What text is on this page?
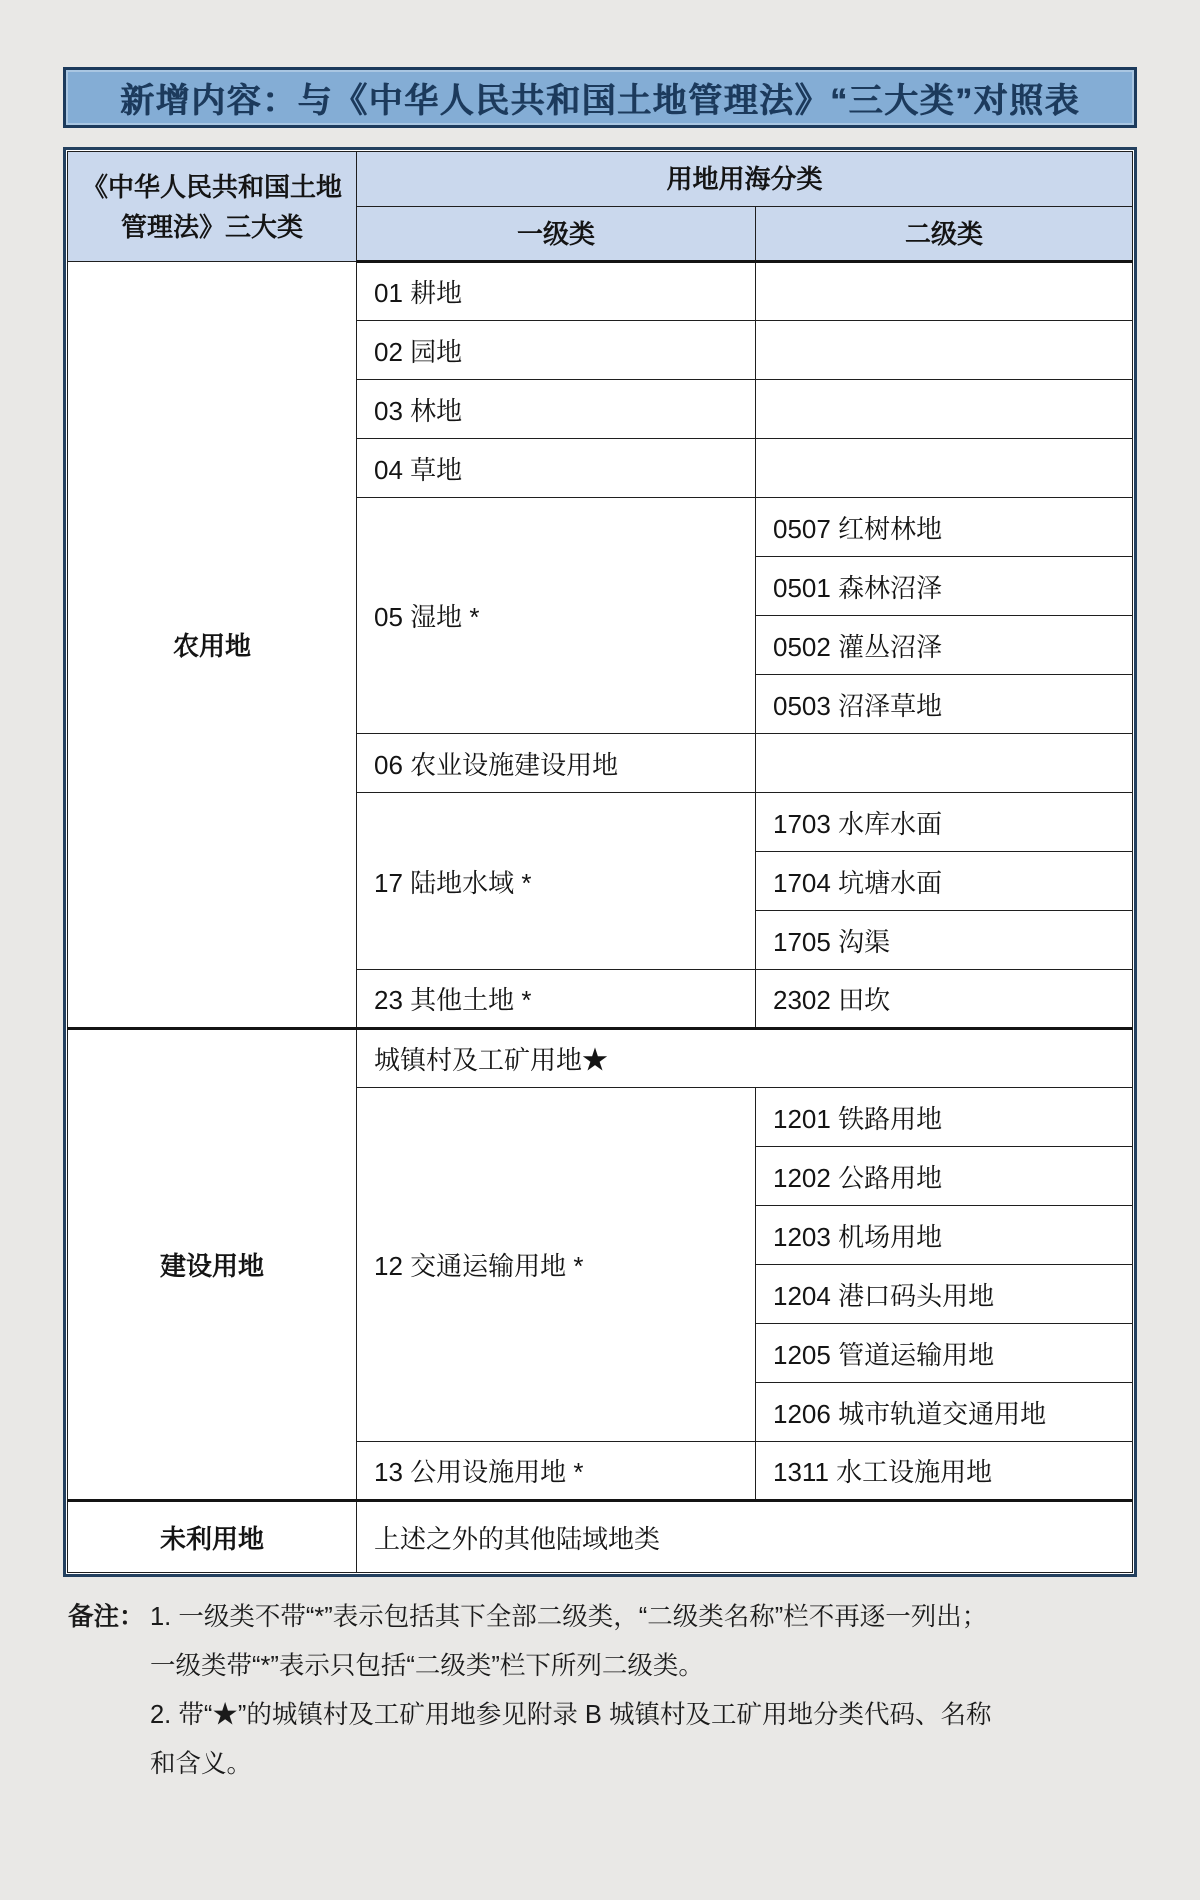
新增内容：与《中华人民共和国土地管理法》“三大类”对照表
《中华人民共和国土地
管理法》三大类	用地用海分类	
	一级类	二级类
农用地	01 耕地	
	02 园地	
	03 林地	
	04 草地	
	05 湿地 *	0507 红树林地
		0501 森林沼泽
		0502 灌丛沼泽
		0503 沼泽草地
	06 农业设施建设用地	
	17 陆地水域 *	1703 水库水面
		1704 坑塘水面
		1705 沟渠
	23 其他土地 *	2302 田坎
建设用地	城镇村及工矿用地★	
	12 交通运输用地 *	1201 铁路用地
		1202 公路用地
		1203 机场用地
		1204 港口码头用地
		1205 管道运输用地
		1206 城市轨道交通用地
	13 公用设施用地 *	1311 水工设施用地
未利用地	上述之外的其他陆域地类	
备注： 1. 一级类不带“*”表示包括其下全部二级类，“二级类名称”栏不再逐一列出；
一级类带“*”表示只包括“二级类”栏下所列二级类。
2. 带“★”的城镇村及工矿用地参见附录 B 城镇村及工矿用地分类代码、名称
和含义。
